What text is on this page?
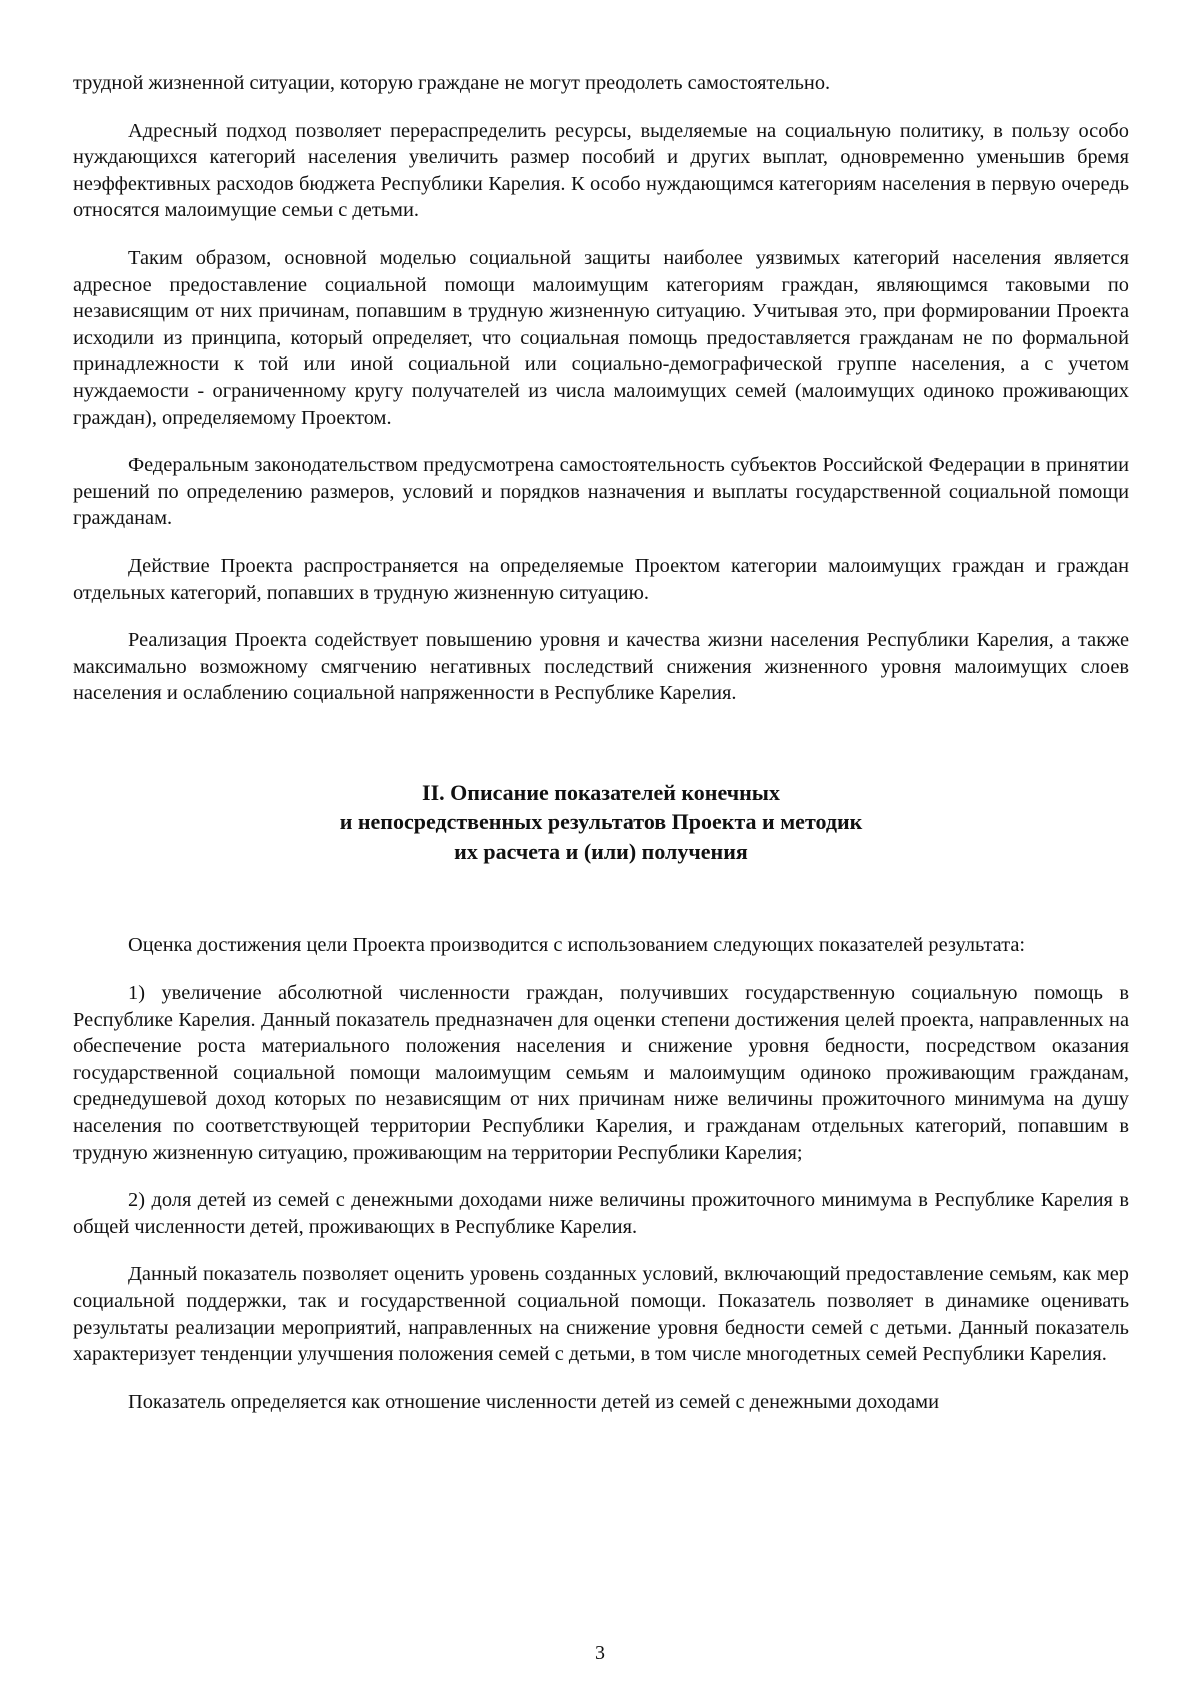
трудной жизненной ситуации, которую граждане не могут преодолеть самостоятельно.

Адресный подход позволяет перераспределить ресурсы, выделяемые на социальную политику, в пользу особо нуждающихся категорий населения увеличить размер пособий и других выплат, одновременно уменьшив бремя неэффективных расходов бюджета Республики Карелия. К особо нуждающимся категориям населения в первую очередь относятся малоимущие семьи с детьми.

Таким образом, основной моделью социальной защиты наиболее уязвимых категорий населения является адресное предоставление социальной помощи малоимущим категориям граждан, являющимся таковыми по независящим от них причинам, попавшим в трудную жизненную ситуацию. Учитывая это, при формировании Проекта исходили из принципа, который определяет, что социальная помощь предоставляется гражданам не по формальной принадлежности к той или иной социальной или социально-демографической группе населения, а с учетом нуждаемости - ограниченному кругу получателей из числа малоимущих семей (малоимущих одиноко проживающих граждан), определяемому Проектом.

Федеральным законодательством предусмотрена самостоятельность субъектов Российской Федерации в принятии решений по определению размеров, условий и порядков назначения и выплаты государственной социальной помощи гражданам.

Действие Проекта распространяется на определяемые Проектом категории малоимущих граждан и граждан отдельных категорий, попавших в трудную жизненную ситуацию.

Реализация Проекта содействует повышению уровня и качества жизни населения Республики Карелия, а также максимально возможному смягчению негативных последствий снижения жизненного уровня малоимущих слоев населения и ослаблению социальной напряженности в Республике Карелия.

II. Описание показателей конечных
и непосредственных результатов Проекта и методик
их расчета и (или) получения

Оценка достижения цели Проекта производится с использованием следующих показателей результата:

1) увеличение абсолютной численности граждан, получивших государственную социальную помощь в Республике Карелия. Данный показатель предназначен для оценки степени достижения целей проекта, направленных на обеспечение роста материального положения населения и снижение уровня бедности, посредством оказания государственной социальной помощи малоимущим семьям и малоимущим одиноко проживающим гражданам, среднедушевой доход которых по независящим от них причинам ниже величины прожиточного минимума на душу населения по соответствующей территории Республики Карелия, и гражданам отдельных категорий, попавшим в трудную жизненную ситуацию, проживающим на территории Республики Карелия;

2) доля детей из семей с денежными доходами ниже величины прожиточного минимума в Республике Карелия в общей численности детей, проживающих в Республике Карелия.

Данный показатель позволяет оценить уровень созданных условий, включающий предоставление семьям, как мер социальной поддержки, так и государственной социальной помощи. Показатель позволяет в динамике оценивать результаты реализации мероприятий, направленных на снижение уровня бедности семей с детьми. Данный показатель характеризует тенденции улучшения положения семей с детьми, в том числе многодетных семей Республики Карелия.

Показатель определяется как отношение численности детей из семей с денежными доходами

3
